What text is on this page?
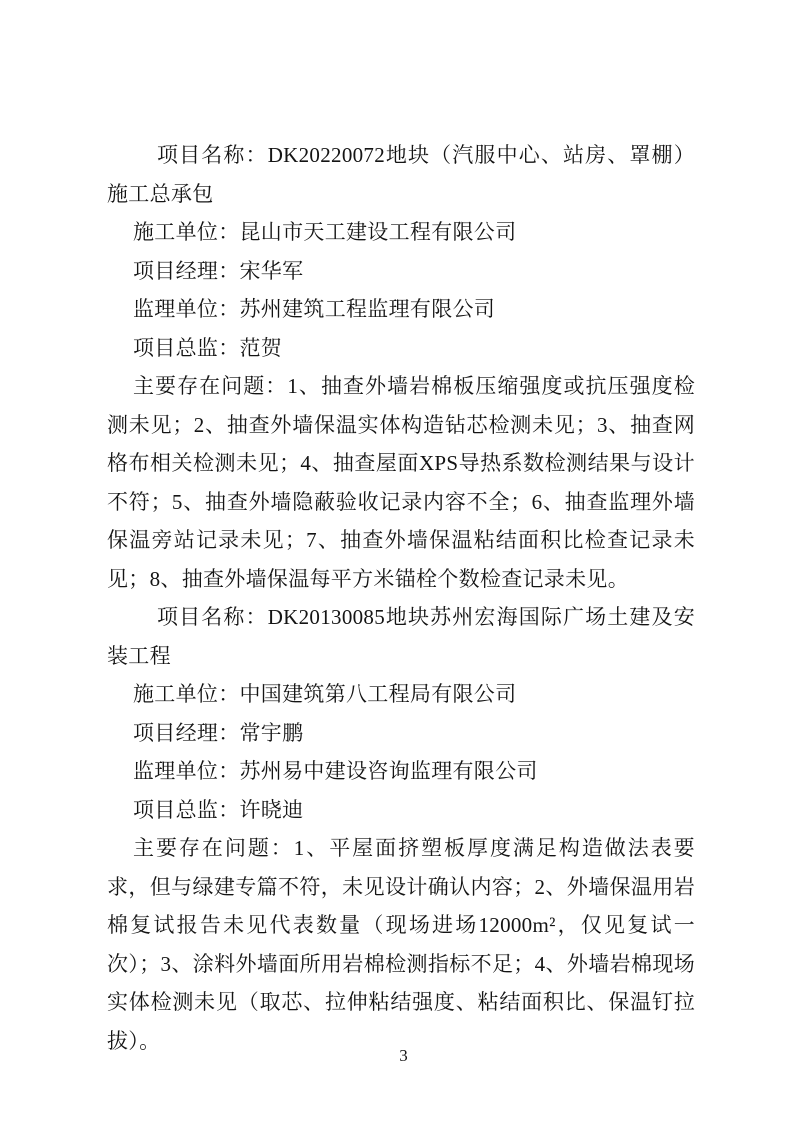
项目名称：DK20220072地块（汽服中心、站房、罩棚）施工总承包

施工单位：昆山市天工建设工程有限公司

项目经理：宋华军

监理单位：苏州建筑工程监理有限公司

项目总监：范贺

主要存在问题：1、抽查外墙岩棉板压缩强度或抗压强度检测未见；2、抽查外墙保温实体构造钻芯检测未见；3、抽查网格布相关检测未见；4、抽查屋面XPS导热系数检测结果与设计不符；5、抽查外墙隐蔽验收记录内容不全；6、抽查监理外墙保温旁站记录未见；7、抽查外墙保温粘结面积比检查记录未见；8、抽查外墙保温每平方米锚栓个数检查记录未见。

项目名称：DK20130085地块苏州宏海国际广场土建及安装工程

施工单位：中国建筑第八工程局有限公司

项目经理：常宇鹏

监理单位：苏州易中建设咨询监理有限公司

项目总监：许晓迪

主要存在问题：1、平屋面挤塑板厚度满足构造做法表要求，但与绿建专篇不符，未见设计确认内容；2、外墙保温用岩棉复试报告未见代表数量（现场进场12000m²，仅见复试一次）；3、涂料外墙面所用岩棉检测指标不足；4、外墙岩棉现场实体检测未见（取芯、拉伸粘结强度、粘结面积比、保温钉拉拔）。

3
